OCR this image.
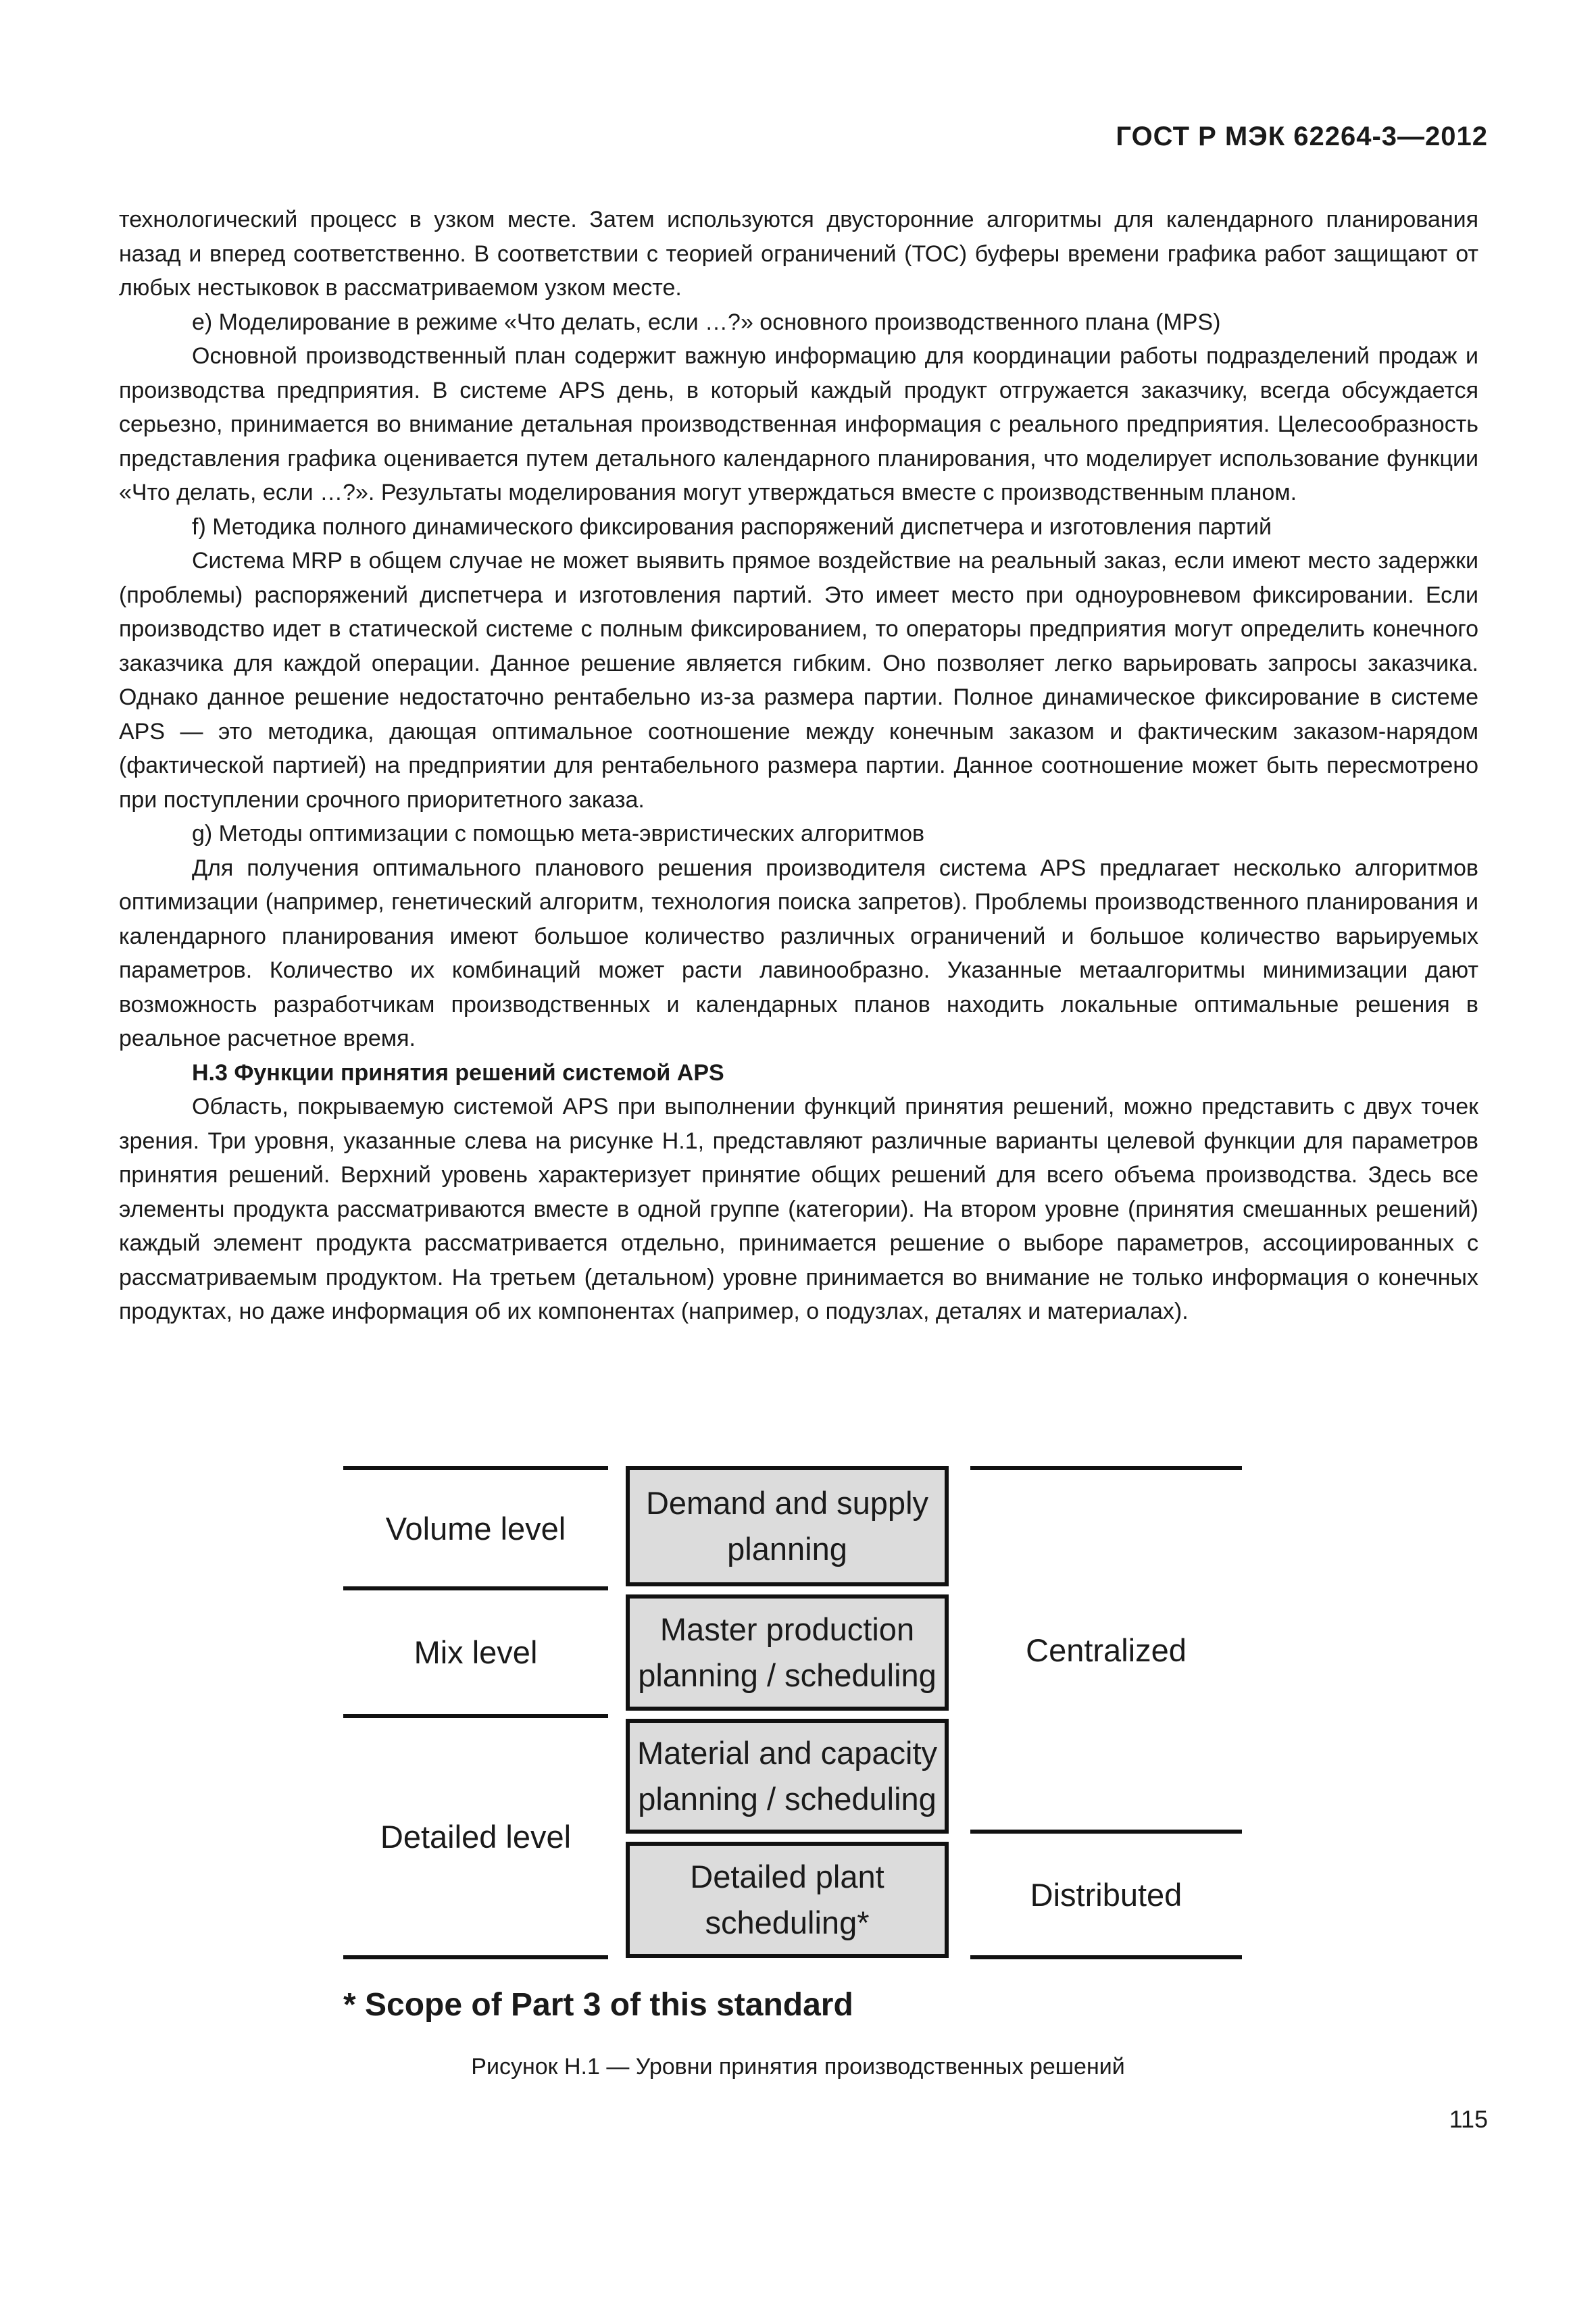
ГОСТ Р МЭК 62264-3—2012

технологический процесс в узком месте. Затем используются двусторонние алгоритмы для календарного планирования назад и вперед соответственно. В соответствии с теорией ограничений (ТОС) буферы времени графика работ защищают от любых нестыковок в рассматриваемом узком месте.

е) Моделирование в режиме «Что делать, если …?» основного производственного плана (MPS)

Основной производственный план содержит важную информацию для координации работы подразделений продаж и производства предприятия. В системе APS день, в который каждый продукт отгружается заказчику, всегда обсуждается серьезно, принимается во внимание детальная производственная информация с реального предприятия. Целесообразность представления графика оценивается путем детального календарного планирования, что моделирует использование функции «Что делать, если …?». Результаты моделирования могут утверждаться вместе с производственным планом.

f) Методика полного динамического фиксирования распоряжений диспетчера и изготовления партий

Система MRP в общем случае не может выявить прямое воздействие на реальный заказ, если имеют место задержки (проблемы) распоряжений диспетчера и изготовления партий. Это имеет место при одноуровневом фиксировании. Если производство идет в статической системе с полным фиксированием, то операторы предприятия могут определить конечного заказчика для каждой операции. Данное решение является гибким. Оно позволяет легко варьировать запросы заказчика. Однако данное решение недостаточно рентабельно из-за размера партии. Полное динамическое фиксирование в системе APS — это методика, дающая оптимальное соотношение между конечным заказом и фактическим заказом-нарядом (фактической партией) на предприятии для рентабельного размера партии. Данное соотношение может быть пересмотрено при поступлении срочного приоритетного заказа.

g) Методы оптимизации с помощью мета-эвристических алгоритмов

Для получения оптимального планового решения производителя система APS предлагает несколько алгоритмов оптимизации (например, генетический алгоритм, технология поиска запретов). Проблемы производственного планирования и календарного планирования имеют большое количество различных ограничений и большое количество варьируемых параметров. Количество их комбинаций может расти лавинообразно. Указанные метаалгоритмы минимизации дают возможность разработчикам производственных и календарных планов находить локальные оптимальные решения в реальное расчетное время.

Н.3 Функции принятия решений системой APS

Область, покрываемую системой APS при выполнении функций принятия решений, можно представить с двух точек зрения. Три уровня, указанные слева на рисунке Н.1, представляют различные варианты целевой функции для параметров принятия решений. Верхний уровень характеризует принятие общих решений для всего объема производства. Здесь все элементы продукта рассматриваются вместе в одной группе (категории). На втором уровне (принятия смешанных решений) каждый элемент продукта рассматривается отдельно, принимается решение о выборе параметров, ассоциированных с рассматриваемым продуктом. На третьем (детальном) уровне принимается во внимание не только информация о конечных продуктах, но даже информация об их компонентах (например, о подузлах, деталях и материалах).

Volume level
Mix level
Detailed level
Demand and supply
planning
Master production
planning / scheduling
Material and capacity
planning / scheduling
Detailed plant
scheduling*
Centralized
Distributed
* Scope of Part 3 of this standard
Рисунок Н.1 — Уровни принятия производственных решений
115
